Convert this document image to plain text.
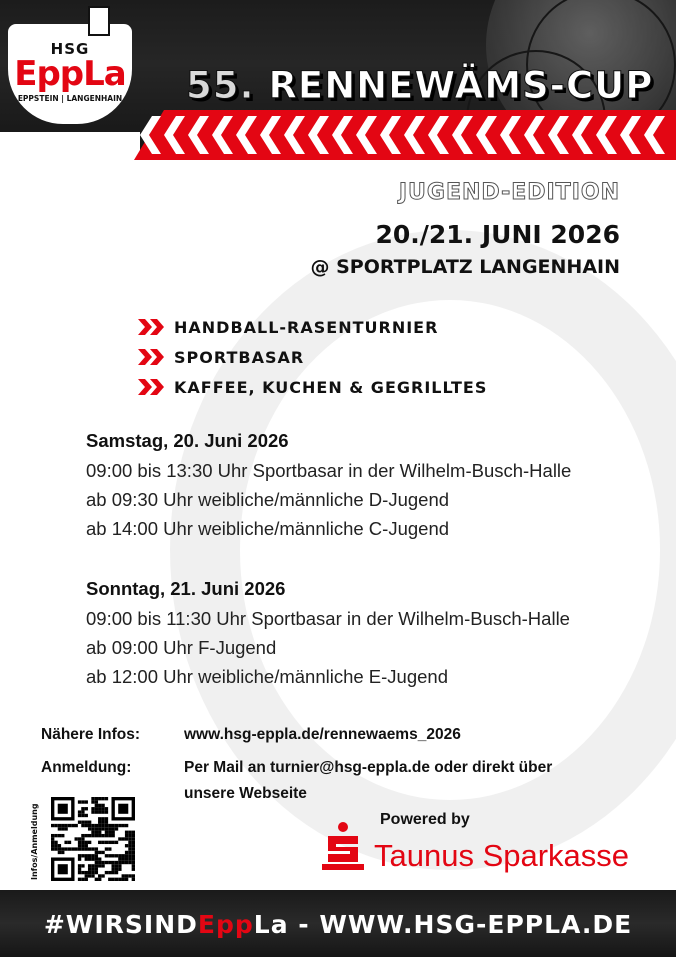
HSG
EppLa
EPPSTEIN | LANGENHAIN 55. RENNEWÄMS-CUP
JUGEND-EDITION
20./21. JUNI 2026
@ SPORTPLATZ LANGENHAIN
HANDBALL-RASENTURNIER
SPORTBASAR
KAFFEE, KUCHEN & GEGRILLTES
Samstag, 20. Juni 2026

09:00 bis 13:30 Uhr Sportbasar in der Wilhelm-Busch-Halle

ab 09:30 Uhr weibliche/männliche D-Jugend

ab 14:00 Uhr weibliche/männliche C-Jugend

Sonntag, 21. Juni 2026

09:00 bis 11:30 Uhr Sportbasar in der Wilhelm-Busch-Halle

ab 09:00 Uhr F-Jugend

ab 12:00 Uhr weibliche/männliche E-Jugend

Nähere Infos:	www.hsg-eppla.de/rennewaems_2026
Anmeldung:	Per Mail an turnier@hsg-eppla.de oder direkt über
unsere Webseite
Infos/Anmeldung	Powered by
Taunus Sparkasse
#WIRSINDEppLa - WWW.HSG-EPPLA.DE
